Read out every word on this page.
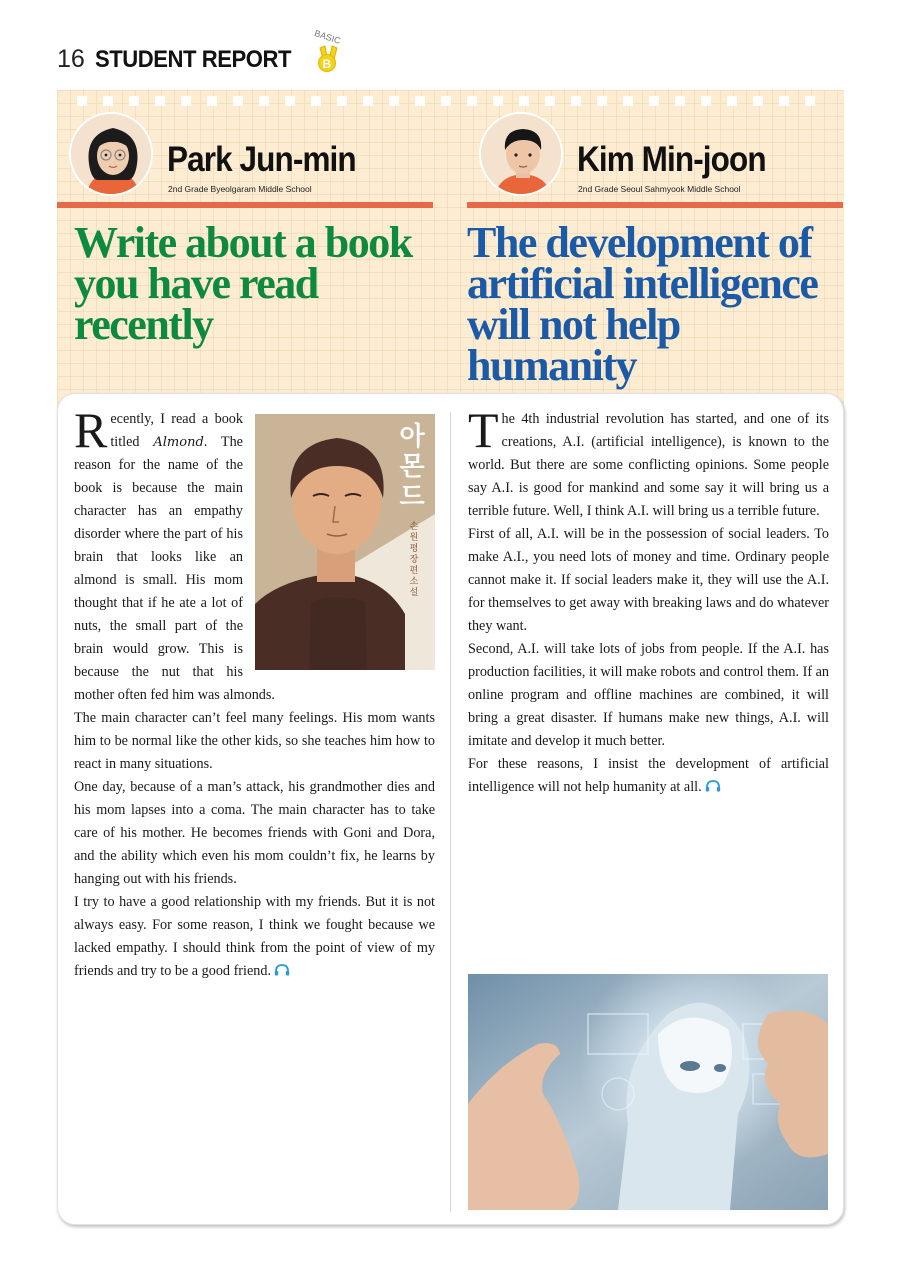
16 STUDENT REPORT
BASIC
B
Park Jun-min
2nd Grade Byeolgaram Middle School
Kim Min-joon
2nd Grade Seoul Sahmyook Middle School
Write about a book you have read recently
The development of artificial intelligence will not help humanity
아몬드
손원평 장편소설

Recently, I read a book titled Almond. The reason for the name of the book is because the main character has an empathy disorder where the part of his brain that looks like an almond is small. His mom thought that if he ate a lot of nuts, the small part of the brain would grow. This is because the nut that his mother often fed him was almonds.

The main character can’t feel many feelings. His mom wants him to be normal like the other kids, so she teaches him how to react in many situations.

One day, because of a man’s attack, his grandmother dies and his mom lapses into a coma. The main character has to take care of his mother. He becomes friends with Goni and Dora, and the ability which even his mom couldn’t fix, he learns by hanging out with his friends.

I try to have a good relationship with my friends. But it is not always easy. For some reason, I think we fought because we lacked empathy. I should think from the point of view of my friends and try to be a good friend.

The 4th industrial revolution has started, and one of its creations, A.I. (artificial intelligence), is known to the world. But there are some conflicting opinions. Some people say A.I. is good for mankind and some say it will bring us a terrible future. Well, I think A.I. will bring us a terrible future.

First of all, A.I. will be in the possession of social leaders. To make A.I., you need lots of money and time. Ordinary people cannot make it. If social leaders make it, they will use the A.I. for themselves to get away with breaking laws and do whatever they want.

Second, A.I. will take lots of jobs from people. If the A.I. has production facilities, it will make robots and control them. If an online program and offline machines are combined, it will bring a great disaster. If humans make new things, A.I. will imitate and develop it much better.

For these reasons, I insist the development of artificial intelligence will not help humanity at all.
